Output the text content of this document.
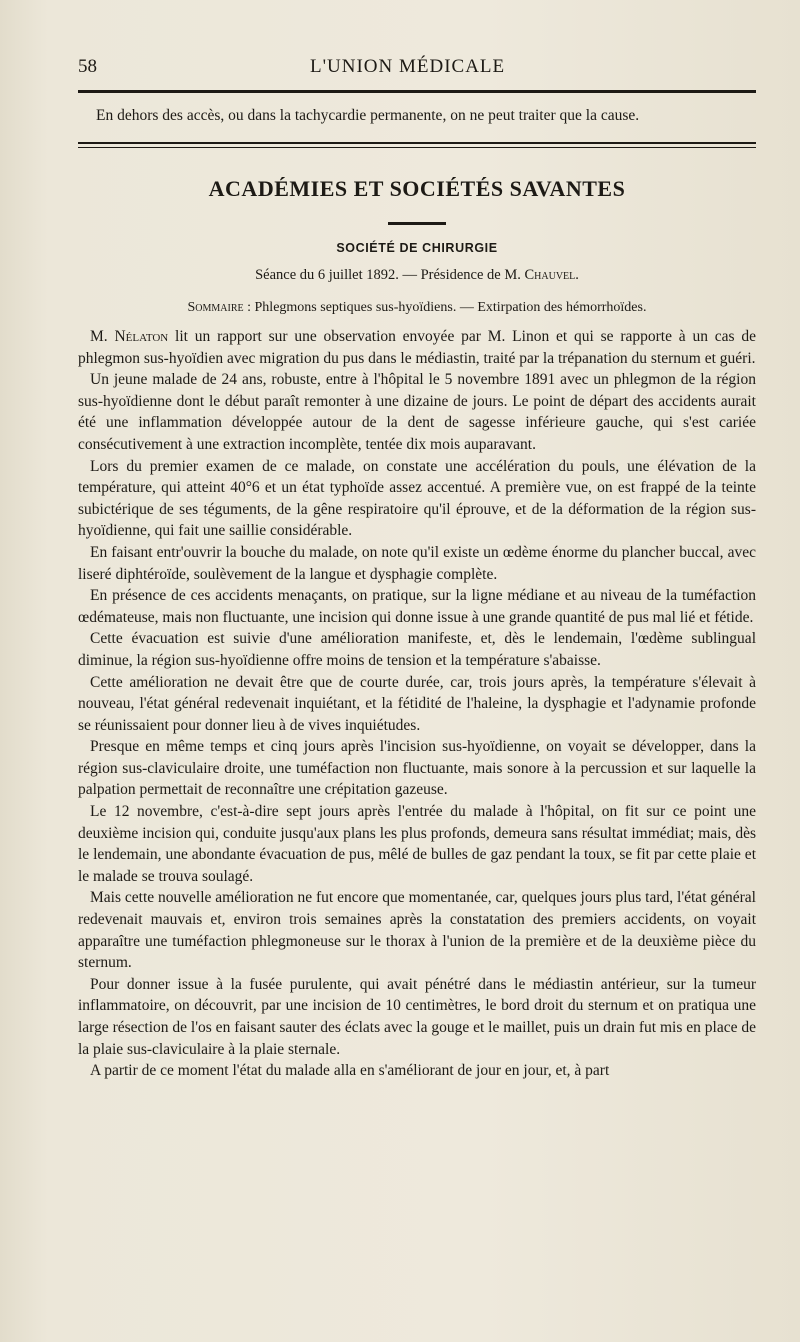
58	L'UNION MÉDICALE
En dehors des accès, ou dans la tachycardie permanente, on ne peut traiter que la cause.
ACADÉMIES ET SOCIÉTÉS SAVANTES
SOCIÉTÉ DE CHIRURGIE
Séance du 6 juillet 1892. — Présidence de M. Chauvel.
Sommaire : Phlegmons septiques sus-hyoïdiens. — Extirpation des hémorrhoïdes.

M. Nélaton lit un rapport sur une observation envoyée par M. Linon et qui se rapporte à un cas de phlegmon sus-hyoïdien avec migration du pus dans le médiastin, traité par la trépanation du sternum et guéri.

Un jeune malade de 24 ans, robuste, entre à l'hôpital le 5 novembre 1891 avec un phlegmon de la région sus-hyoïdienne dont le début paraît remonter à une dizaine de jours. Le point de départ des accidents aurait été une inflammation développée autour de la dent de sagesse inférieure gauche, qui s'est cariée consécutivement à une extraction incomplète, tentée dix mois auparavant.

Lors du premier examen de ce malade, on constate une accélération du pouls, une élévation de la température, qui atteint 40°6 et un état typhoïde assez accentué. A première vue, on est frappé de la teinte subictérique de ses téguments, de la gêne respiratoire qu'il éprouve, et de la déformation de la région sus-hyoïdienne, qui fait une saillie considérable.

En faisant entr'ouvrir la bouche du malade, on note qu'il existe un œdème énorme du plancher buccal, avec liseré diphtéroïde, soulèvement de la langue et dysphagie complète.

En présence de ces accidents menaçants, on pratique, sur la ligne médiane et au niveau de la tuméfaction œdémateuse, mais non fluctuante, une incision qui donne issue à une grande quantité de pus mal lié et fétide.

Cette évacuation est suivie d'une amélioration manifeste, et, dès le lendemain, l'œdème sublingual diminue, la région sus-hyoïdienne offre moins de tension et la température s'abaisse.

Cette amélioration ne devait être que de courte durée, car, trois jours après, la température s'élevait à nouveau, l'état général redevenait inquiétant, et la fétidité de l'haleine, la dysphagie et l'adynamie profonde se réunissaient pour donner lieu à de vives inquiétudes.

Presque en même temps et cinq jours après l'incision sus-hyoïdienne, on voyait se développer, dans la région sus-claviculaire droite, une tuméfaction non fluctuante, mais sonore à la percussion et sur laquelle la palpation permettait de reconnaître une crépitation gazeuse.

Le 12 novembre, c'est-à-dire sept jours après l'entrée du malade à l'hôpital, on fit sur ce point une deuxième incision qui, conduite jusqu'aux plans les plus profonds, demeura sans résultat immédiat; mais, dès le lendemain, une abondante évacuation de pus, mêlé de bulles de gaz pendant la toux, se fit par cette plaie et le malade se trouva soulagé.

Mais cette nouvelle amélioration ne fut encore que momentanée, car, quelques jours plus tard, l'état général redevenait mauvais et, environ trois semaines après la constatation des premiers accidents, on voyait apparaître une tuméfaction phlegmoneuse sur le thorax à l'union de la première et de la deuxième pièce du sternum.

Pour donner issue à la fusée purulente, qui avait pénétré dans le médiastin antérieur, sur la tumeur inflammatoire, on découvrit, par une incision de 10 centimètres, le bord droit du sternum et on pratiqua une large résection de l'os en faisant sauter des éclats avec la gouge et le maillet, puis un drain fut mis en place de la plaie sus-claviculaire à la plaie sternale.

A partir de ce moment l'état du malade alla en s'améliorant de jour en jour, et, à part
